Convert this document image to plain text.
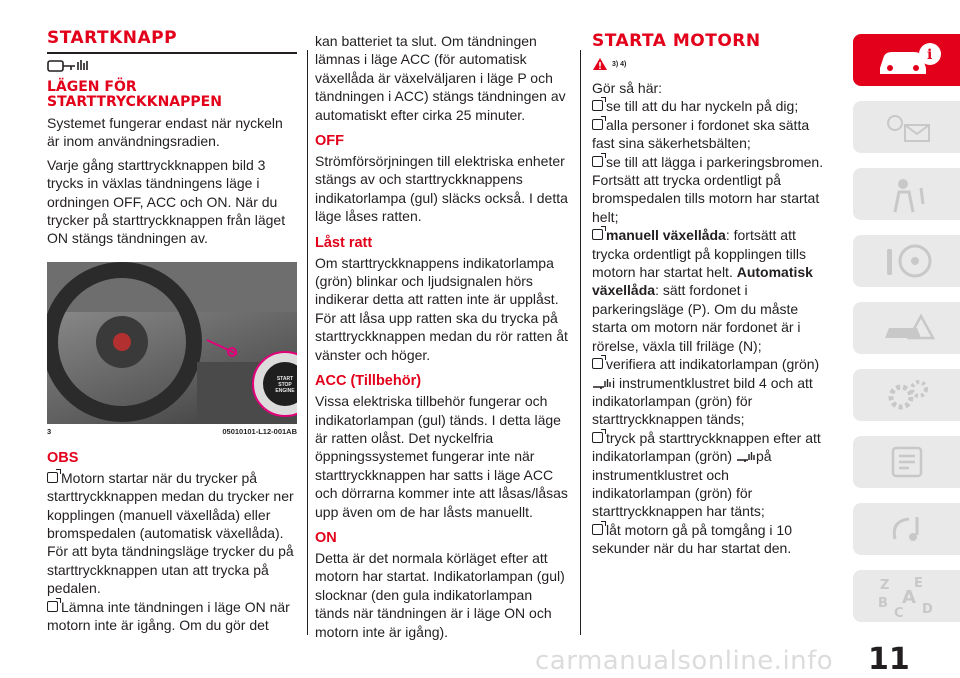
STARTKNAPP
LÄGEN FÖR STARTTRYCKKNAPPEN

Systemet fungerar endast när nyckeln är inom användningsradien.

Varje gång starttryckknappen bild 3 trycks in växlas tändningens läge i ordningen OFF, ACC och ON. När du trycker på starttryckknappen från läget ON stängs tändningen av.

START STOP ENGINE
3	05010101-L12-001AB
OBS

Motorn startar när du trycker på starttryckknappen medan du trycker ner kopplingen (manuell växellåda) eller bromspedalen (automatisk växellåda). För att byta tändningsläge trycker du på starttryckknappen utan att trycka på pedalen.

Lämna inte tändningen i läge ON när motorn inte är igång. Om du gör det

kan batteriet ta slut. Om tändningen lämnas i läge ACC (för automatisk växellåda är växelväljaren i läge P och tändningen i ACC) stängs tändningen av automatiskt efter cirka 25 minuter.

OFF

Strömförsörjningen till elektriska enheter stängs av och starttryckknappens indikatorlampa (gul) släcks också. I detta läge låses ratten.

Låst ratt

Om starttryckknappens indikatorlampa (grön) blinkar och ljudsignalen hörs indikerar detta att ratten inte är upplåst. För att låsa upp ratten ska du trycka på starttryckknappen medan du rör ratten åt vänster och höger.

ACC (Tillbehör)

Vissa elektriska tillbehör fungerar och indikatorlampan (gul) tänds. I detta läge är ratten olåst. Det nyckelfria öppningssystemet fungerar inte när starttryckknappen har satts i läge ACC och dörrarna kommer inte att låsas/låsas upp även om de har låsts manuellt.

ON

Detta är det normala körläget efter att motorn har startat. Indikatorlampan (gul) slocknar (den gula indikatorlampan tänds när tändningen är i läge ON och motorn inte är igång).

STARTA MOTORN
3) 4)

Gör så här:

se till att du har nyckeln på dig;

alla personer i fordonet ska sätta fast sina säkerhetsbälten;

se till att lägga i parkeringsbromen.

Fortsätt att trycka ordentligt på bromspedalen tills motorn har startat helt;

manuell växellåda: fortsätt att trycka ordentligt på kopplingen tills motorn har startat helt. Automatisk växellåda: sätt fordonet i parkeringsläge (P). Om du måste starta om motorn när fordonet är i rörelse, växla till friläge (N);

verifiera att indikatorlampan (grön)
i instrumentklustret bild 4 och att indikatorlampan (grön) för starttryckknappen tänds;

tryck på starttryckknappen efter att indikatorlampan (grön) på instrumentklustret och indikatorlampan (grön) för starttryckknappen har tänts;

låt motorn gå på tomgång i 10 sekunder när du har startat den.

i
Z E
B A
C D
carmanualsonline.info 11
